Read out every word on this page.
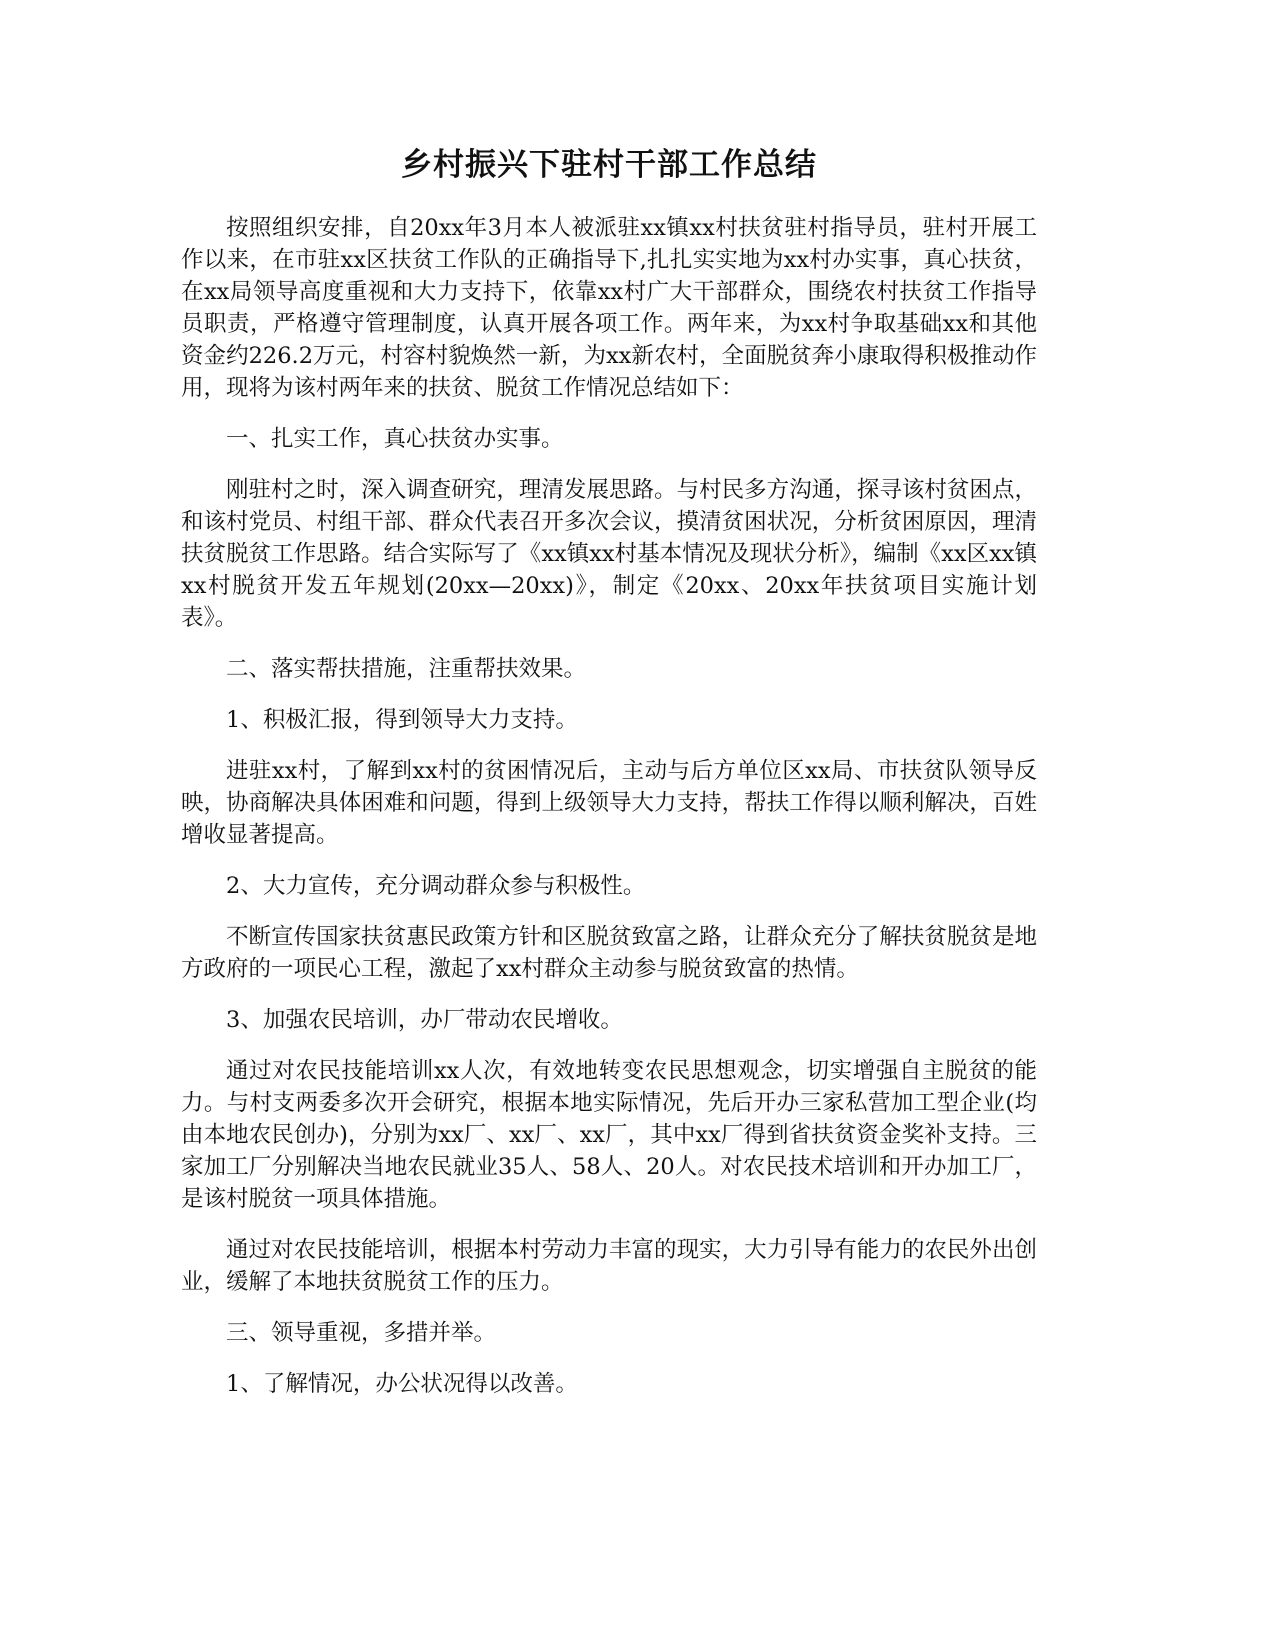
乡村振兴下驻村干部工作总结

按照组织安排，自20xx年3月本人被派驻xx镇xx村扶贫驻村指导员，驻村开展工作以来，在市驻xx区扶贫工作队的正确指导下,扎扎实实地为xx村办实事，真心扶贫，在xx局领导高度重视和大力支持下，依靠xx村广大干部群众，围绕农村扶贫工作指导员职责，严格遵守管理制度，认真开展各项工作。两年来，为xx村争取基础xx和其他资金约226.2万元，村容村貌焕然一新，为xx新农村，全面脱贫奔小康取得积极推动作用，现将为该村两年来的扶贫、脱贫工作情况总结如下：

一、扎实工作，真心扶贫办实事。

刚驻村之时，深入调查研究，理清发展思路。与村民多方沟通，探寻该村贫困点，和该村党员、村组干部、群众代表召开多次会议，摸清贫困状况，分析贫困原因，理清扶贫脱贫工作思路。结合实际写了《xx镇xx村基本情况及现状分析》，编制《xx区xx镇xx村脱贫开发五年规划(20xx—20xx)》，制定《20xx、20xx年扶贫项目实施计划表》。

二、落实帮扶措施，注重帮扶效果。

1、积极汇报，得到领导大力支持。

进驻xx村，了解到xx村的贫困情况后，主动与后方单位区xx局、市扶贫队领导反映，协商解决具体困难和问题，得到上级领导大力支持，帮扶工作得以顺利解决，百姓增收显著提高。

2、大力宣传，充分调动群众参与积极性。

不断宣传国家扶贫惠民政策方针和区脱贫致富之路，让群众充分了解扶贫脱贫是地方政府的一项民心工程，激起了xx村群众主动参与脱贫致富的热情。

3、加强农民培训，办厂带动农民增收。

通过对农民技能培训xx人次，有效地转变农民思想观念，切实增强自主脱贫的能力。与村支两委多次开会研究，根据本地实际情况，先后开办三家私营加工型企业(均由本地农民创办)，分别为xx厂、xx厂、xx厂，其中xx厂得到省扶贫资金奖补支持。三家加工厂分别解决当地农民就业35人、58人、20人。对农民技术培训和开办加工厂，是该村脱贫一项具体措施。

通过对农民技能培训，根据本村劳动力丰富的现实，大力引导有能力的农民外出创业，缓解了本地扶贫脱贫工作的压力。

三、领导重视，多措并举。

1、了解情况，办公状况得以改善。
